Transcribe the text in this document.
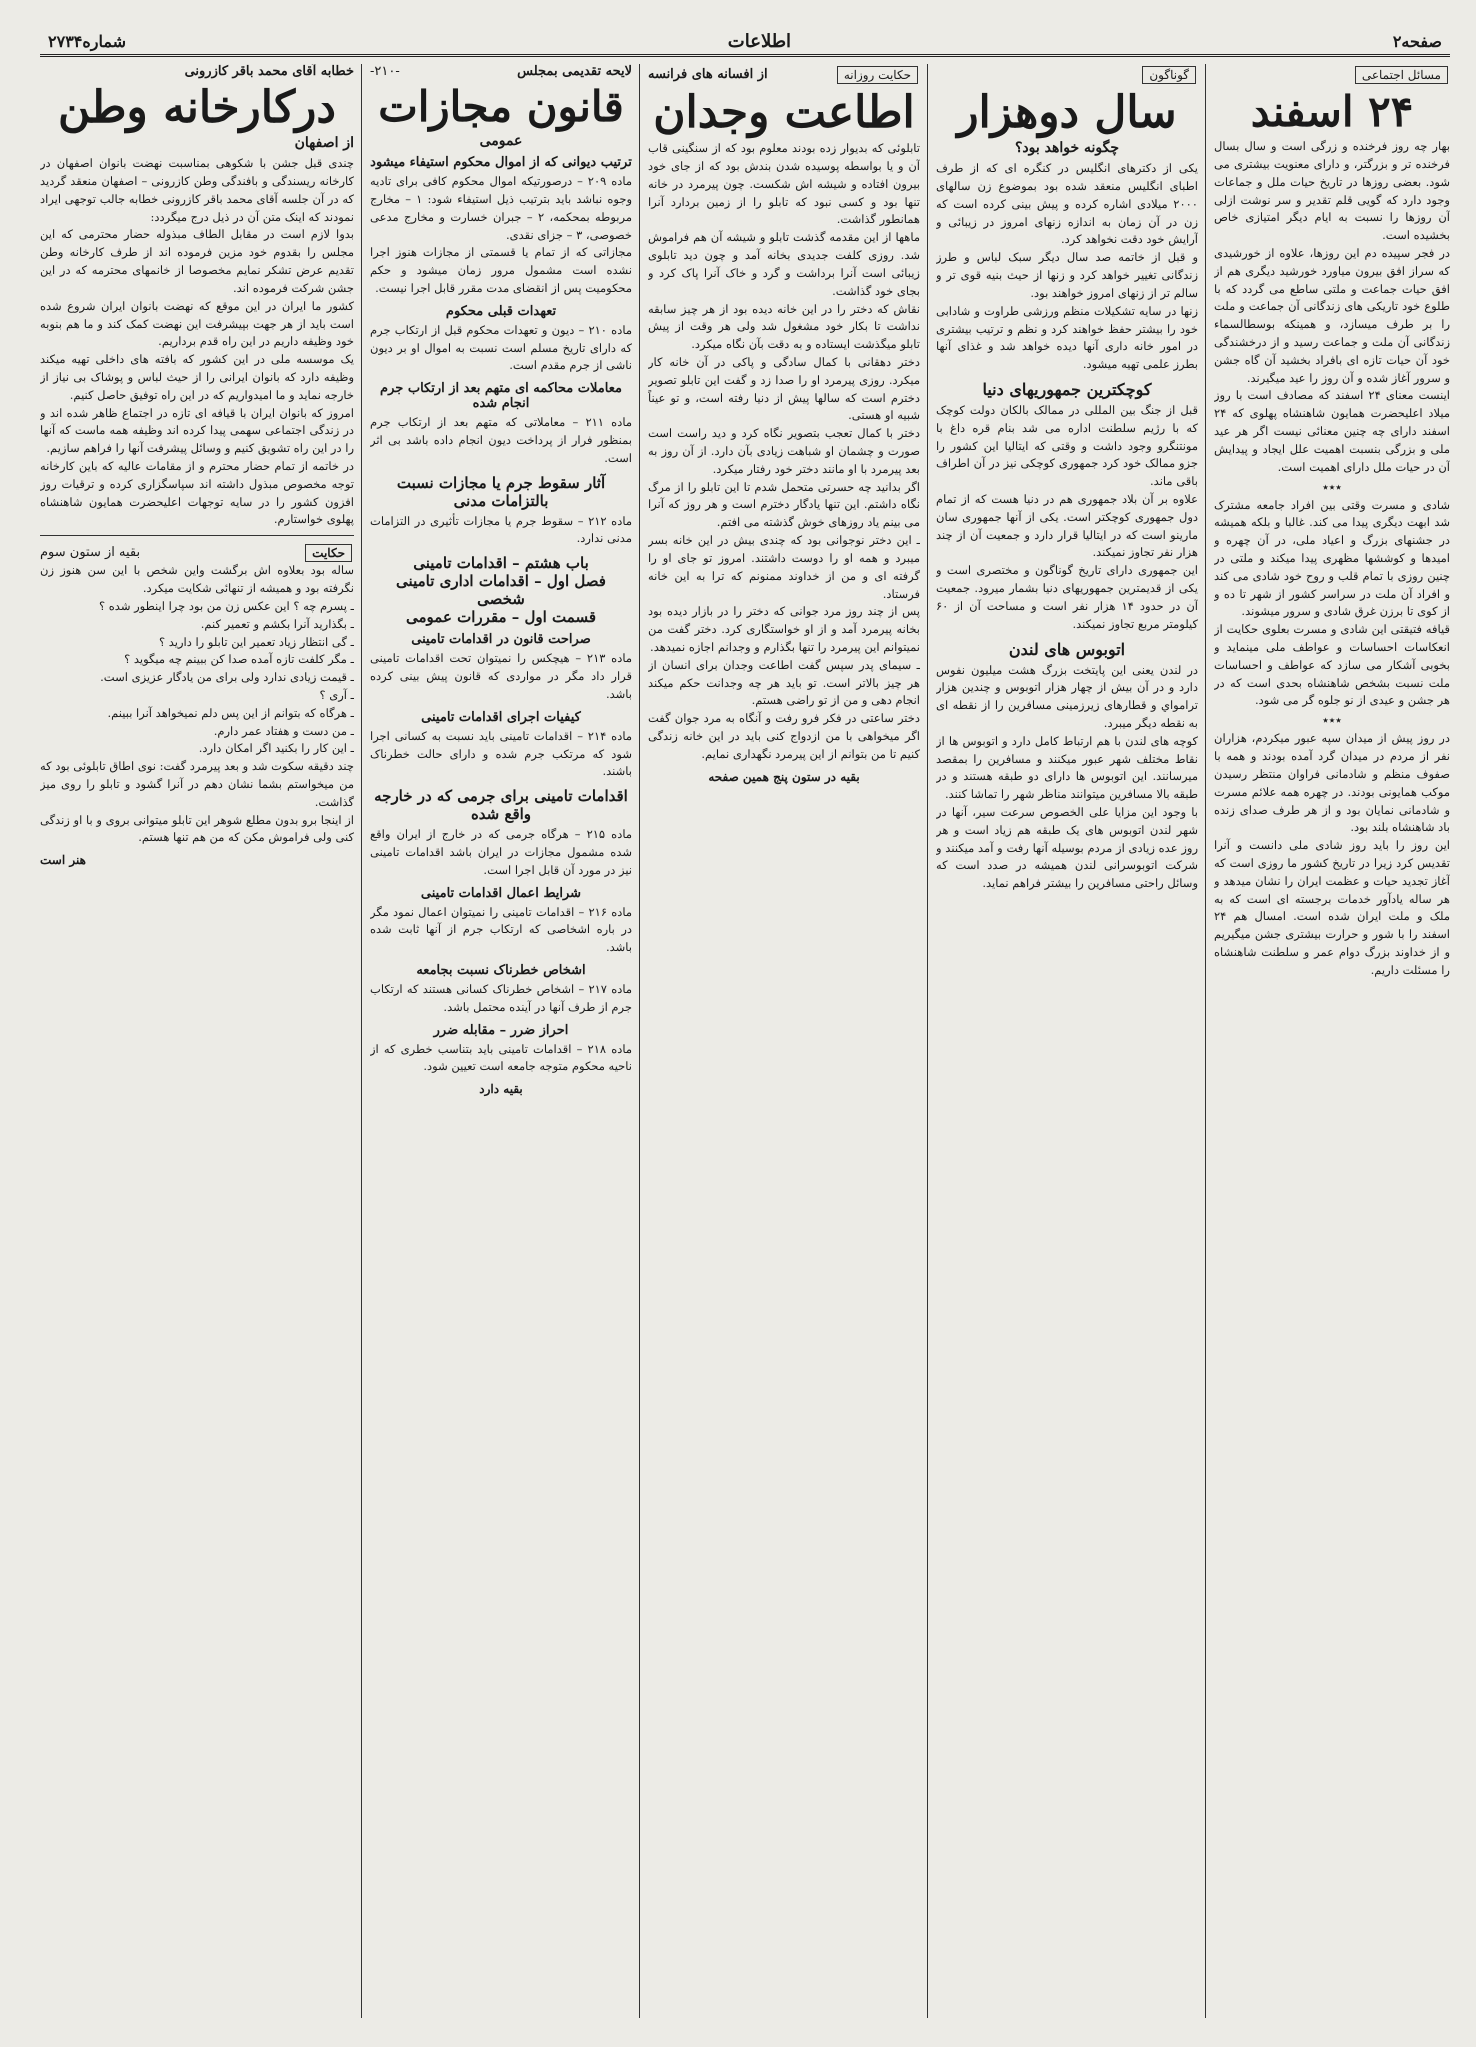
صفحه۲
اطلاعات
شماره۲۷۳۴
مسائل اجتماعی
۲۴ اسفند

بهار چه روز فرخنده و زرگی است و سال بسال فرخنده تر و بزرگتر، و دارای معنویت بیشتری می شود. بعضی روزها در تاریخ حیات ملل و جماعات وجود دارد که گویی قلم تقدیر و سر نوشت ازلی آن روزها را نسبت به ایام دیگر امتیازی خاص بخشیده است.

در فجر سپیده دم این روزها، علاوه از خورشیدی که سراز افق بیرون میاورد خورشید دیگری هم از افق حیات جماعت و ملتی ساطع می گردد که با طلوع خود تاریکی های زندگانی آن جماعت و ملت را بر طرف میسازد، و همینکه بوسطالسماء زندگانی آن ملت و جماعت رسید و از درخشندگی خود آن حیات تازه ای بافراد بخشید آن گاه جشن و سرور آغاز شده و آن روز را عید میگیرند.

اینست معنای ۲۴ اسفند که مصادف است با روز میلاد اعلیحضرت همایون شاهنشاه پهلوی که ۲۴ اسفند دارای چه چنین معنائی نیست اگر هر عید ملی و بزرگی بنسبت اهمیت علل ایجاد و پیدایش آن در حیات ملل دارای اهمیت است.

٭٭٭

شادی و مسرت وقتی بین افراد جامعه مشترک شد ابهت دیگری پیدا می کند. غالبا و بلکه همیشه در جشنهای بزرگ و اعیاد ملی، در آن چهره و امیدها و کوششها مظهری پیدا میکند و ملتی در چنین روزی با تمام قلب و روح خود شادی می کند و افراد آن ملت در سراسر کشور از شهر تا ده و از کوی تا برزن غرق شادی و سرور میشوند.

قیافه فتیقتی این شادی و مسرت بعلوی حکایت از انعکاسات احساسات و عواطف ملی مینماید و بخوبی آشکار می سازد که عواطف و احساسات ملت نسبت بشخص شاهنشاه بحدی است که در هر جشن و عیدی از نو جلوه گر می شود.

٭٭٭

در روز پیش از میدان سپه عبور میکردم، هزاران نفر از مردم در میدان گرد آمده بودند و همه با صفوف منظم و شادمانی فراوان منتظر رسیدن موکب همایونی بودند. در چهره همه علائم مسرت و شادمانی نمایان بود و از هر طرف صدای زنده باد شاهنشاه بلند بود.

این روز را باید روز شادی ملی دانست و آنرا تقدیس کرد زیرا در تاریخ کشور ما روزی است که آغاز تجدید حیات و عظمت ایران را نشان میدهد و هر ساله یادآور خدمات برجسته ای است که به ملک و ملت ایران شده است. امسال هم ۲۴ اسفند را با شور و حرارت بیشتری جشن میگیریم و از خداوند بزرگ دوام عمر و سلطنت شاهنشاه را مسئلت داریم.

گوناگون
سال دوهزار
چگونه خواهد بود؟

یکی از دکترهای انگلیس در کنگره ای که از طرف اطبای انگلیس منعقد شده بود بموضوع زن سالهای ۲۰۰۰ میلادی اشاره کرده و پیش بینی کرده است که زن در آن زمان به اندازه زنهای امروز در زیبائی و آرایش خود دقت نخواهد کرد.

و قبل از خاتمه صد سال دیگر سبک لباس و طرز زندگانی تغییر خواهد کرد و زنها از حیث بنیه قوی تر و سالم تر از زنهای امروز خواهند بود.

زنها در سایه تشکیلات منظم ورزشی طراوت و شادابی خود را بیشتر حفظ خواهند کرد و نظم و ترتیب بیشتری در امور خانه داری آنها دیده خواهد شد و غذای آنها بطرز علمی تهیه میشود.

کوچکترین جمهوریهای دنیا

قبل از جنگ بین المللی در ممالک بالکان دولت کوچک که با رژیم سلطنت اداره می شد بنام قره داغ با مونتنگرو وجود داشت و وقتی که ایتالیا این کشور را جزو ممالک خود کرد جمهوری کوچکی نیز در آن اطراف باقی ماند.

علاوه بر آن بلاد جمهوری هم در دنیا هست که از تمام دول جمهوری کوچکتر است. یکی از آنها جمهوری سان مارینو است که در ایتالیا قرار دارد و جمعیت آن از چند هزار نفر تجاوز نمیکند.

این جمهوری دارای تاریخ گوناگون و مختصری است و یکی از قدیمترین جمهوریهای دنیا بشمار میرود. جمعیت آن در حدود ۱۴ هزار نفر است و مساحت آن از ۶۰ کیلومتر مربع تجاوز نمیکند.

اتوبوس های لندن

در لندن یعنی این پایتخت بزرگ هشت میلیون نفوس دارد و در آن بیش از چهار هزار اتوبوس و چندین هزار ترامواي و قطارهای زیرزمینی مسافرین را از نقطه ای به نقطه دیگر میبرد.

کوچه های لندن با هم ارتباط کامل دارد و اتوبوس ها از نقاط مختلف شهر عبور میکنند و مسافرین را بمقصد میرسانند. این اتوبوس ها دارای دو طبقه هستند و در طبقه بالا مسافرین میتوانند مناظر شهر را تماشا کنند.

با وجود این مزایا علی الخصوص سرعت سیر، آنها در شهر لندن اتوبوس های یک طبقه هم زیاد است و هر روز عده زیادی از مردم بوسیله آنها رفت و آمد میکنند و شرکت اتوبوسرانی لندن همیشه در صدد است که وسائل راحتی مسافرین را بیشتر فراهم نماید.

حکایت روزانه
از افسانه های فرانسه
اطاعت وجدان

تابلوئی که بدیوار زده بودند معلوم بود که از سنگینی قاب آن و یا بواسطه پوسیده شدن بندش بود که از جای خود بیرون افتاده و شیشه اش شکست. چون پیرمرد در خانه تنها بود و کسی نبود که تابلو را از زمین بردارد آنرا همانطور گذاشت.

ماهها از این مقدمه گذشت تابلو و شیشه آن هم فراموش شد. روزی کلفت جدیدی بخانه آمد و چون دید تابلوی زیبائی است آنرا برداشت و گرد و خاک آنرا پاک کرد و بجای خود گذاشت.

نقاش که دختر را در این خانه دیده بود از هر چیز سابقه نداشت تا بکار خود مشغول شد ولی هر وقت از پیش تابلو میگذشت ایستاده و به دقت بآن نگاه میکرد.

دختر دهقانی با کمال سادگی و پاکی در آن خانه کار میکرد. روزی پیرمرد او را صدا زد و گفت این تابلو تصویر دخترم است که سالها پیش از دنیا رفته است، و تو عیناً شبیه او هستی.

دختر با کمال تعجب بتصویر نگاه کرد و دید راست است صورت و چشمان او شباهت زیادی بآن دارد. از آن روز به بعد پیرمرد با او مانند دختر خود رفتار میکرد.

اگر بدانید چه حسرتی متحمل شدم تا این تابلو را از مرگ نگاه داشتم. این تنها یادگار دخترم است و هر روز که آنرا می بینم یاد روزهای خوش گذشته می افتم.

ـ این دختر نوجوانی بود که چندی بیش در این خانه بسر میبرد و همه او را دوست داشتند. امروز تو جای او را گرفته ای و من از خداوند ممنونم که ترا به این خانه فرستاد.

پس از چند روز مرد جوانی که دختر را در بازار دیده بود بخانه پیرمرد آمد و از او خواستگاری کرد. دختر گفت من نمیتوانم این پیرمرد را تنها بگذارم و وجدانم اجازه نمیدهد.

ـ سیمای پدر سپس گفت اطاعت وجدان برای انسان از هر چیز بالاتر است. تو باید هر چه وجدانت حکم میکند انجام دهی و من از تو راضی هستم.

دختر ساعتی در فکر فرو رفت و آنگاه به مرد جوان گفت اگر میخواهی با من ازدواج کنی باید در این خانه زندگی کنیم تا من بتوانم از این پیرمرد نگهداری نمایم.

بقیه در ستون پنج همین صفحه
لایحه تقدیمی بمجلس
-۲۱۰-
قانون مجازات
عمومی
ترتیب دیوانی که از اموال محکوم استیفاء میشود

ماده ۲۰۹ – درصورتیکه اموال محکوم کافی برای تادیه وجوه نباشد باید بترتیب ذیل استیفاء شود: ۱ – مخارج مربوطه بمحکمه، ۲ – جبران خسارت و مخارج مدعی خصوصی، ۳ – جزای نقدی.

مجازاتی که از تمام یا قسمتی از مجازات هنوز اجرا نشده است مشمول مرور زمان میشود و حکم محکومیت پس از انقضای مدت مقرر قابل اجرا نیست.

تعهدات قبلی محکوم

ماده ۲۱۰ – دیون و تعهدات محکوم قبل از ارتکاب جرم که دارای تاریخ مسلم است نسبت به اموال او بر دیون ناشی از جرم مقدم است.

معاملات محاکمه ای متهم بعد از ارتکاب جرم انجام شده

ماده ۲۱۱ – معاملاتی که متهم بعد از ارتکاب جرم بمنظور فرار از پرداخت دیون انجام داده باشد بی اثر است.

آثار سقوط جرم یا مجازات نسبت بالتزامات مدنی

ماده ۲۱۲ – سقوط جرم یا مجازات تأثیری در التزامات مدنی ندارد.

باب هشتم – اقدامات تامینی
فصل اول – اقدامات اداری تامینی شخصی
قسمت اول – مقررات عمومی
صراحت قانون در اقدامات تامینی

ماده ۲۱۳ – هیچکس را نمیتوان تحت اقدامات تامینی قرار داد مگر در مواردی که قانون پیش بینی کرده باشد.

کیفیات اجرای اقدامات تامینی

ماده ۲۱۴ – اقدامات تامینی باید نسبت به کسانی اجرا شود که مرتکب جرم شده و دارای حالت خطرناک باشند.

اقدامات تامینی برای جرمی که در خارجه واقع شده

ماده ۲۱۵ – هرگاه جرمی که در خارج از ایران واقع شده مشمول مجازات در ایران باشد اقدامات تامینی نیز در مورد آن قابل اجرا است.

شرایط اعمال اقدامات تامینی

ماده ۲۱۶ – اقدامات تامینی را نمیتوان اعمال نمود مگر در باره اشخاصی که ارتکاب جرم از آنها ثابت شده باشد.

اشخاص خطرناک نسبت بجامعه

ماده ۲۱۷ – اشخاص خطرناک کسانی هستند که ارتکاب جرم از طرف آنها در آینده محتمل باشد.

احراز ضرر – مقابله ضرر

ماده ۲۱۸ – اقدامات تامینی باید بتناسب خطری که از ناحیه محکوم متوجه جامعه است تعیین شود.

بقیه دارد
خطابه آقای محمد باقر کازرونی
درکارخانه وطن
از اصفهان

چندی قبل جشن با شکوهی بمناسبت نهضت بانوان اصفهان در کارخانه ریسندگی و بافندگی وطن کازرونی – اصفهان منعقد گردید که در آن جلسه آقای محمد باقر کازرونی خطابه جالب توجهی ایراد نمودند که اینک متن آن در ذیل درج میگردد:

بدوا لازم است در مقابل الطاف مبذوله حضار محترمی که این مجلس را بقدوم خود مزین فرموده اند از طرف کارخانه وطن تقدیم عرض تشکر نمایم مخصوصا از خانمهای محترمه که در این جشن شرکت فرموده اند.

کشور ما ایران در این موقع که نهضت بانوان ایران شروع شده است باید از هر جهت بپیشرفت این نهضت کمک کند و ما هم بنوبه خود وظیفه داریم در این راه قدم برداریم.

یک موسسه ملی در این کشور که بافته های داخلی تهیه میکند وظیفه دارد که بانوان ایرانی را از حیث لباس و پوشاک بی نیاز از خارجه نماید و ما امیدواریم که در این راه توفیق حاصل کنیم.

امروز که بانوان ایران با قیافه ای تازه در اجتماع ظاهر شده اند و در زندگی اجتماعی سهمی پیدا کرده اند وظیفه همه ماست که آنها را در این راه تشویق کنیم و وسائل پیشرفت آنها را فراهم سازیم.

در خاتمه از تمام حضار محترم و از مقامات عالیه که باین کارخانه توجه مخصوص مبذول داشته اند سپاسگزاری کرده و ترقیات روز افزون کشور را در سایه توجهات اعلیحضرت همایون شاهنشاه پهلوی خواستارم.

حکایت
بقیه از ستون سوم

ساله بود بعلاوه اش برگشت واین شخص با این سن هنوز زن نگرفته بود و همیشه از تنهائی شکایت میکرد.

ـ پسرم چه ؟ این عکس زن من بود چرا اینطور شده ؟

ـ بگذارید آنرا بکشم و تعمیر کنم.

ـ گی انتظار زیاد تعمیر این تابلو را دارید ؟

ـ مگر کلفت تازه آمده صدا کن ببینم چه میگوید ؟

ـ قیمت زیادی ندارد ولی برای من یادگار عزیزی است.

ـ آری ؟

ـ هرگاه که بتوانم از این پس دلم نمیخواهد آنرا ببینم.

ـ من دست و هفتاد عمر دارم.

ـ این کار را بکنید اگر امکان دارد.

چند دقیقه سکوت شد و بعد پیرمرد گفت: نوی اطاق تابلوئی بود که من میخواستم بشما نشان دهم در آنرا گشود و تابلو را روی میز گذاشت.

از اینجا برو بدون مطلع شوهر این تابلو میتوانی بروی و با او زندگی کنی ولی فراموش مکن که من هم تنها هستم.

هنر است
